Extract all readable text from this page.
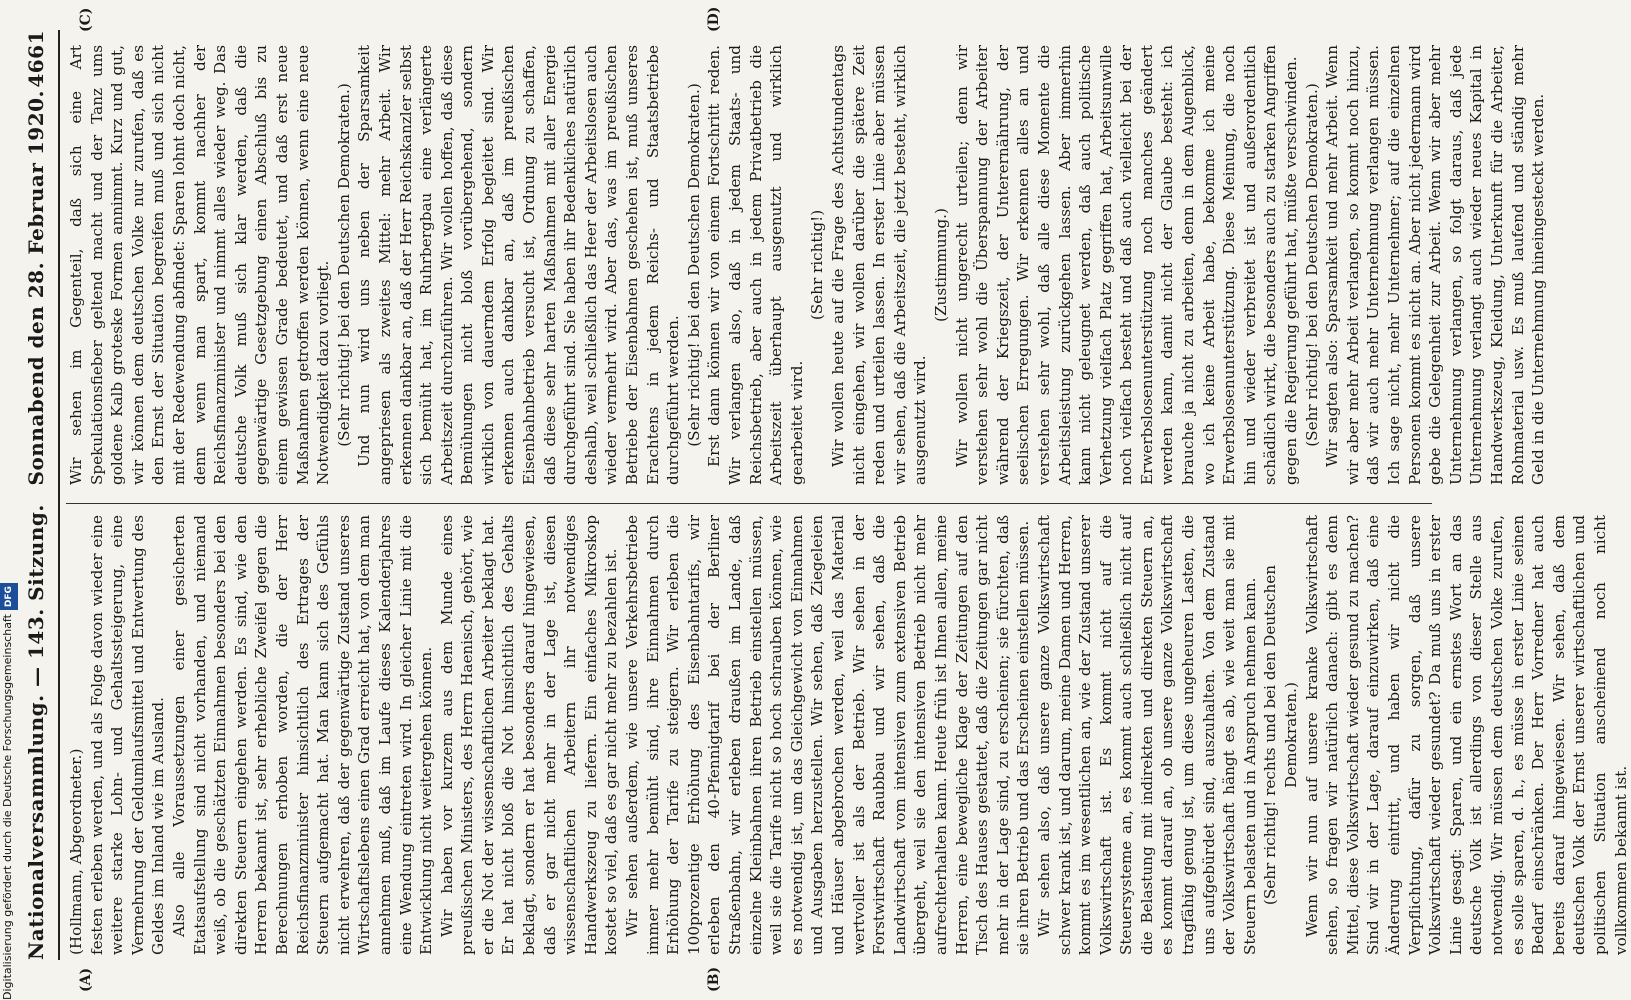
Nationalversammlung. — 143. Sitzung.
Sonnabend den 28. Februar 1920.
4661
(A)	(B)
(C)	(D)

(Hollmann, Abgeordneter.) festen erleben werden, und als Folge davon wieder eine weitere starke Lohn- und Gehaltssteigerung, eine Vermehrung der Geldumlaufsmittel und Entwertung des Geldes im Inland wie im Ausland. Also alle Voraussetzungen einer gesicherten Etatsaufstellung sind nicht vorhanden, und niemand weiß, ob die geschätzten Einnahmen besonders bei den direkten Steuern eingehen werden. Es sind, wie den Herren bekannt ist, sehr erhebliche Zweifel gegen die Berechnungen erhoben worden, die der Herr Reichsfinanzminister hinsichtlich des Ertrages der Steuern aufgemacht hat. Man kann sich des Gefühls nicht erwehren, daß der gegenwärtige Zustand unseres Wirtschaftslebens einen Grad erreicht hat, von dem man annehmen muß, daß im Laufe dieses Kalenderjahres eine Wendung eintreten wird. In gleicher Linie mit die Entwicklung nicht weitergehen können. Wir haben vor kurzem aus dem Munde eines preußischen Ministers, des Herrn Haenisch, gehört, wie er die Not der wissenschaftlichen Arbeiter beklagt hat. Er hat nicht bloß die Not hinsichtlich des Gehalts beklagt, sondern er hat besonders darauf hingewiesen, daß er gar nicht mehr in der Lage ist, diesen wissenschaftlichen Arbeitern ihr notwendiges Handwerkszeug zu liefern. Ein einfaches Mikroskop kostet so viel, daß es gar nicht mehr zu bezahlen ist. Wir sehen außerdem, wie unsere Verkehrsbetriebe immer mehr bemüht sind, ihre Einnahmen durch Erhöhung der Tarife zu steigern. Wir erleben die 100prozentige Erhöhung des Eisenbahntarifs, wir erleben den 40-Pfennigtarif bei der Berliner Straßenbahn, wir erleben draußen im Lande, daß einzelne Kleinbahnen ihren Betrieb einstellen müssen, weil sie die Tarife nicht so hoch schrauben können, wie es notwendig ist, um das Gleichgewicht von Einnahmen und Ausgaben herzustellen. Wir sehen, daß Ziegeleien und Häuser abgebrochen werden, weil das Material wertvoller ist als der Betrieb. Wir sehen in der Forstwirtschaft Raubbau und wir sehen, daß die Landwirtschaft vom intensiven zum extensiven Betrieb übergeht, weil sie den intensiven Betrieb nicht mehr aufrechterhalten kann. Heute früh ist Ihnen allen, meine Herren, eine bewegliche Klage der Zeitungen auf den Tisch des Hauses gestattet, daß die Zeitungen gar nicht mehr in der Lage sind, zu erscheinen; sie fürchten, daß sie ihren Betrieb und das Erscheinen einstellen müssen. Wir sehen also, daß unsere ganze Volkswirtschaft schwer krank ist, und darum, meine Damen und Herren, kommt es im wesentlichen an, wie der Zustand unserer Volkswirtschaft ist. Es kommt nicht auf die Steuersysteme an, es kommt auch schließlich nicht auf die Belastung mit indirekten und direkten Steuern an, es kommt darauf an, ob unsere ganze Volkswirtschaft tragfähig genug ist, um diese ungeheuren Lasten, die uns aufgebürdet sind, auszuhalten. Von dem Zustand der Volkswirtschaft hängt es ab, wie weit man sie mit Steuern belasten und in Anspruch nehmen kann. (Sehr richtig! rechts und bei den Deutschen Demokraten.) Wenn wir nun auf unsere kranke Volkswirtschaft sehen, so fragen wir natürlich danach: gibt es denn Mittel, diese Volkswirtschaft wieder gesund zu machen? Sind wir in der Lage, darauf einzuwirken, daß eine Änderung eintritt, und haben wir nicht die Verpflichtung, dafür zu sorgen, daß unsere Volkswirtschaft wieder gesundet? Da muß uns in erster Linie gesagt: Sparen, und ein ernstes Wort an das deutsche Volk ist allerdings von dieser Stelle aus notwendig. Wir müssen dem deutschen Volke zurufen, es solle sparen, d. h., es müsse in erster Linie seinen Bedarf einschränken. Der Herr Vorredner hat auch bereits darauf hingewiesen. Wir sehen, daß dem deutschen Volk der Ernst unserer wirtschaftlichen und politischen Situation anscheinend noch nicht vollkommen bekannt ist.

Wir sehen im Gegenteil, daß sich eine Art Spekulationsfieber geltend macht und der Tanz ums goldene Kalb groteske Formen annimmt. Kurz und gut, wir können dem deutschen Volke nur zurufen, daß es den Ernst der Situation begreifen muß und sich nicht mit der Redewendung abfindet: Sparen lohnt doch nicht, denn wenn man spart, kommt nachher der Reichsfinanzminister und nimmt alles wieder weg. Das deutsche Volk muß sich klar werden, daß die gegenwärtige Gesetzgebung einen Abschluß bis zu einem gewissen Grade bedeutet, und daß erst neue Maßnahmen getroffen werden können, wenn eine neue Notwendigkeit dazu vorliegt. (Sehr richtig! bei den Deutschen Demokraten.) Und nun wird uns neben der Sparsamkeit angepriesen als zweites Mittel: mehr Arbeit. Wir erkennen dankbar an, daß der Herr Reichskanzler selbst sich bemüht hat, im Ruhrbergbau eine verlängerte Arbeitszeit durchzuführen. Wir wollen hoffen, daß diese Bemühungen nicht bloß vorübergehend, sondern wirklich von dauerndem Erfolg begleitet sind. Wir erkennen auch dankbar an, daß im preußischen Eisenbahnbetrieb versucht ist, Ordnung zu schaffen, daß diese sehr harten Maßnahmen mit aller Energie durchgeführt sind. Sie haben ihr Bedenkliches natürlich deshalb, weil schließlich das Heer der Arbeitslosen auch wieder vermehrt wird. Aber das, was im preußischen Betriebe der Eisenbahnen geschehen ist, muß unseres Erachtens in jedem Reichs- und Staatsbetriebe durchgeführt werden. (Sehr richtig! bei den Deutschen Demokraten.) Erst dann können wir von einem Fortschritt reden. Wir verlangen also, daß in jedem Staats- und Reichsbetrieb, aber auch in jedem Privatbetrieb die Arbeitszeit überhaupt ausgenutzt und wirklich gearbeitet wird.

(Sehr richtig!) Wir wollen heute auf die Frage des Achtstundentags nicht eingehen, wir wollen darüber die spätere Zeit reden und urteilen lassen. In erster Linie aber müssen wir sehen, daß die Arbeitszeit, die jetzt besteht, wirklich ausgenutzt wird.

(Zustimmung.) Wir wollen nicht ungerecht urteilen; denn wir verstehen sehr wohl die Überspannung der Arbeiter während der Kriegszeit, der Unterernährung, der seelischen Erregungen. Wir erkennen alles an und verstehen sehr wohl, daß alle diese Momente die Arbeitsleistung zurückgehen lassen. Aber immerhin kann nicht geleugnet werden, daß auch politische Verhetzung vielfach Platz gegriffen hat, Arbeitsunwille noch vielfach besteht und daß auch vielleicht bei der Erwerbslosenunterstützung noch manches geändert werden kann, damit nicht der Glaube besteht: ich brauche ja nicht zu arbeiten, denn in dem Augenblick, wo ich keine Arbeit habe, bekomme ich meine Erwerbslosenunterstützung. Diese Meinung, die noch hin und wieder verbreitet ist und außerordentlich schädlich wirkt, die besonders auch zu starken Angriffen gegen die Regierung geführt hat, müßte verschwinden. (Sehr richtig! bei den Deutschen Demokraten.) Wir sagten also: Sparsamkeit und mehr Arbeit. Wenn wir aber mehr Arbeit verlangen, so kommt noch hinzu, daß wir auch mehr Unternehmung verlangen müssen. Ich sage nicht, mehr Unternehmer; auf die einzelnen Personen kommt es nicht an. Aber nicht jedermann wird gebe die Gelegenheit zur Arbeit. Wenn wir aber mehr Unternehmung verlangen, so folgt daraus, daß jede Unternehmung verlangt auch wieder neues Kapital in Handwerkszeug, Kleidung, Unterkunft für die Arbeiter, Rohmaterial usw. Es muß laufend und ständig mehr Geld in die Unternehmung hineingesteckt werden.

Digitalisierung gefördert durch die Deutsche ForschungsgemeinschaftDFG
